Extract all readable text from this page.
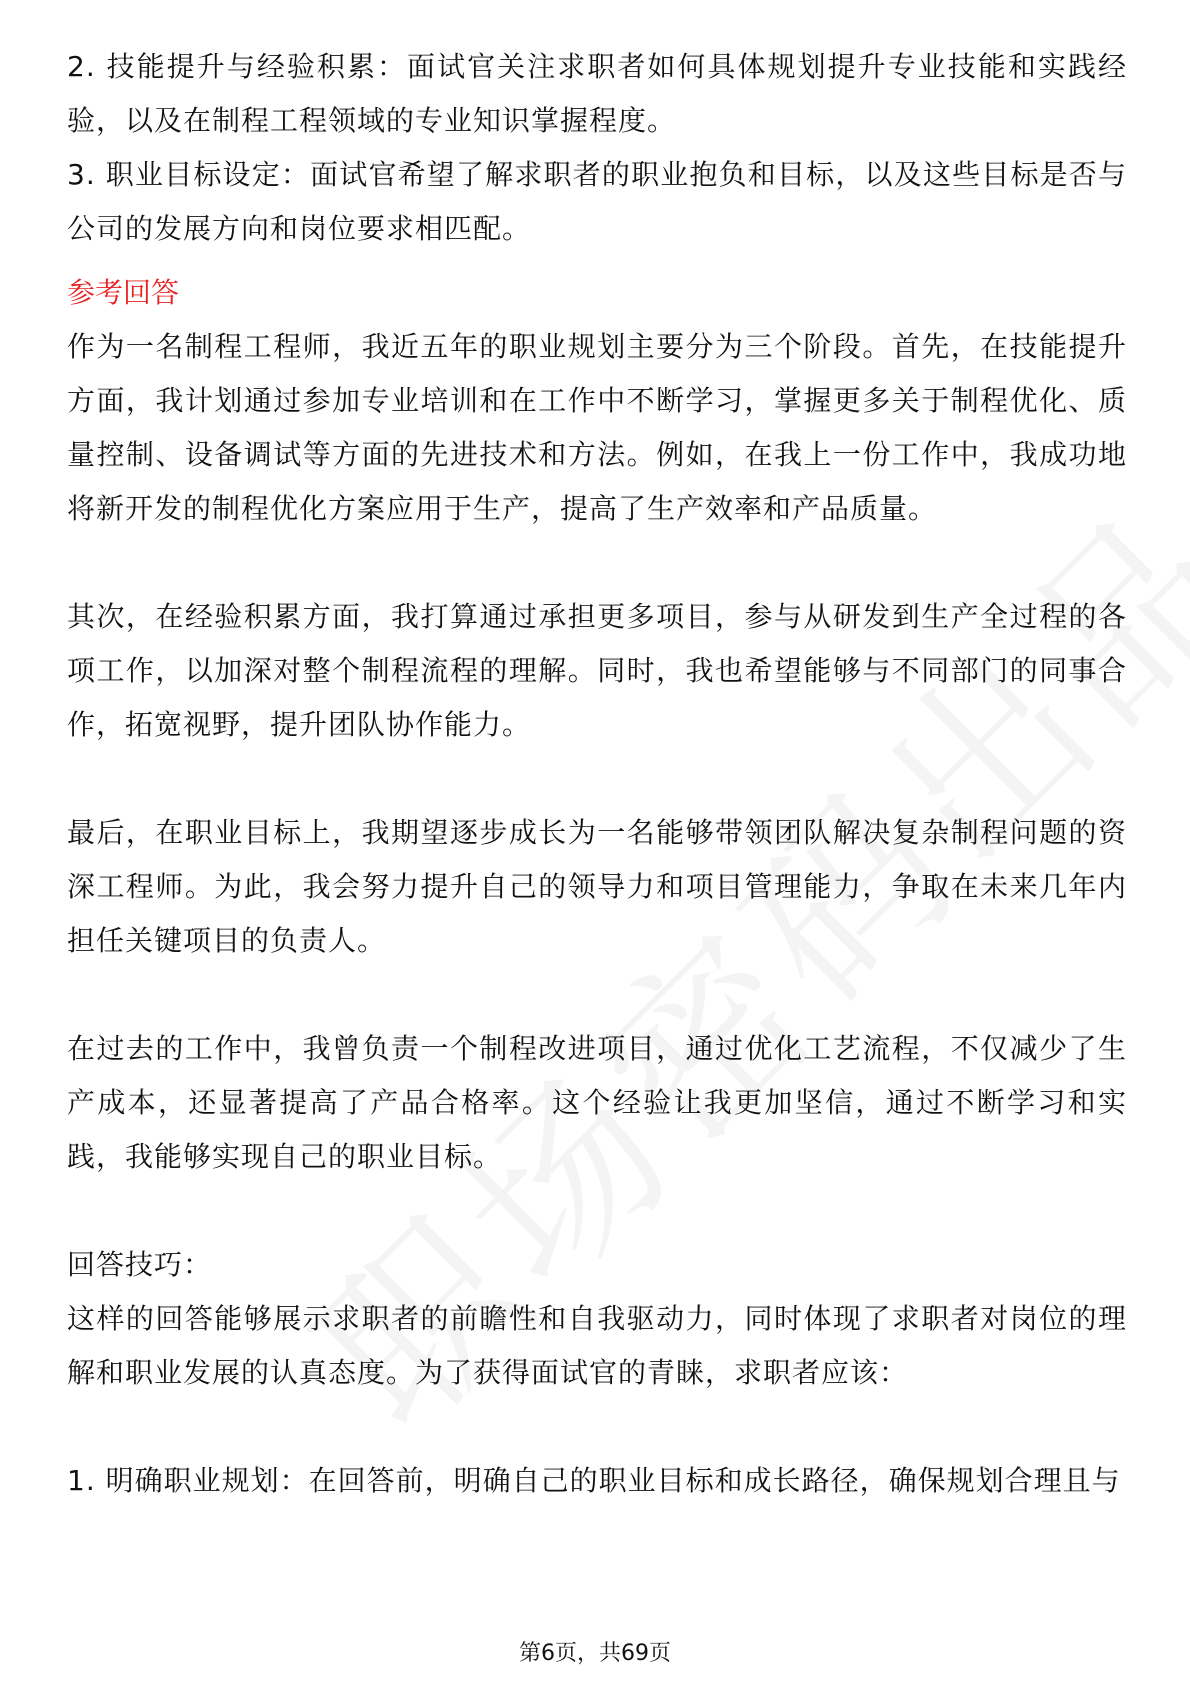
2. 技能提升与经验积累：面试官关注求职者如何具体规划提升专业技能和实践经验，以及在制程工程领域的专业知识掌握程度。

3. 职业目标设定：面试官希望了解求职者的职业抱负和目标，以及这些目标是否与公司的发展方向和岗位要求相匹配。

参考回答

作为一名制程工程师，我近五年的职业规划主要分为三个阶段。首先，在技能提升方面，我计划通过参加专业培训和在工作中不断学习，掌握更多关于制程优化、质量控制、设备调试等方面的先进技术和方法。例如，在我上一份工作中，我成功地将新开发的制程优化方案应用于生产，提高了生产效率和产品质量。

其次，在经验积累方面，我打算通过承担更多项目，参与从研发到生产全过程的各项工作，以加深对整个制程流程的理解。同时，我也希望能够与不同部门的同事合作，拓宽视野，提升团队协作能力。

最后，在职业目标上，我期望逐步成长为一名能够带领团队解决复杂制程问题的资深工程师。为此，我会努力提升自己的领导力和项目管理能力，争取在未来几年内担任关键项目的负责人。

在过去的工作中，我曾负责一个制程改进项目，通过优化工艺流程，不仅减少了生产成本，还显著提高了产品合格率。这个经验让我更加坚信，通过不断学习和实践，我能够实现自己的职业目标。

回答技巧：

这样的回答能够展示求职者的前瞻性和自我驱动力，同时体现了求职者对岗位的理解和职业发展的认真态度。为了获得面试官的青睐，求职者应该：

1. 明确职业规划：在回答前，明确自己的职业目标和成长路径，确保规划合理且与

第6页，共69页
